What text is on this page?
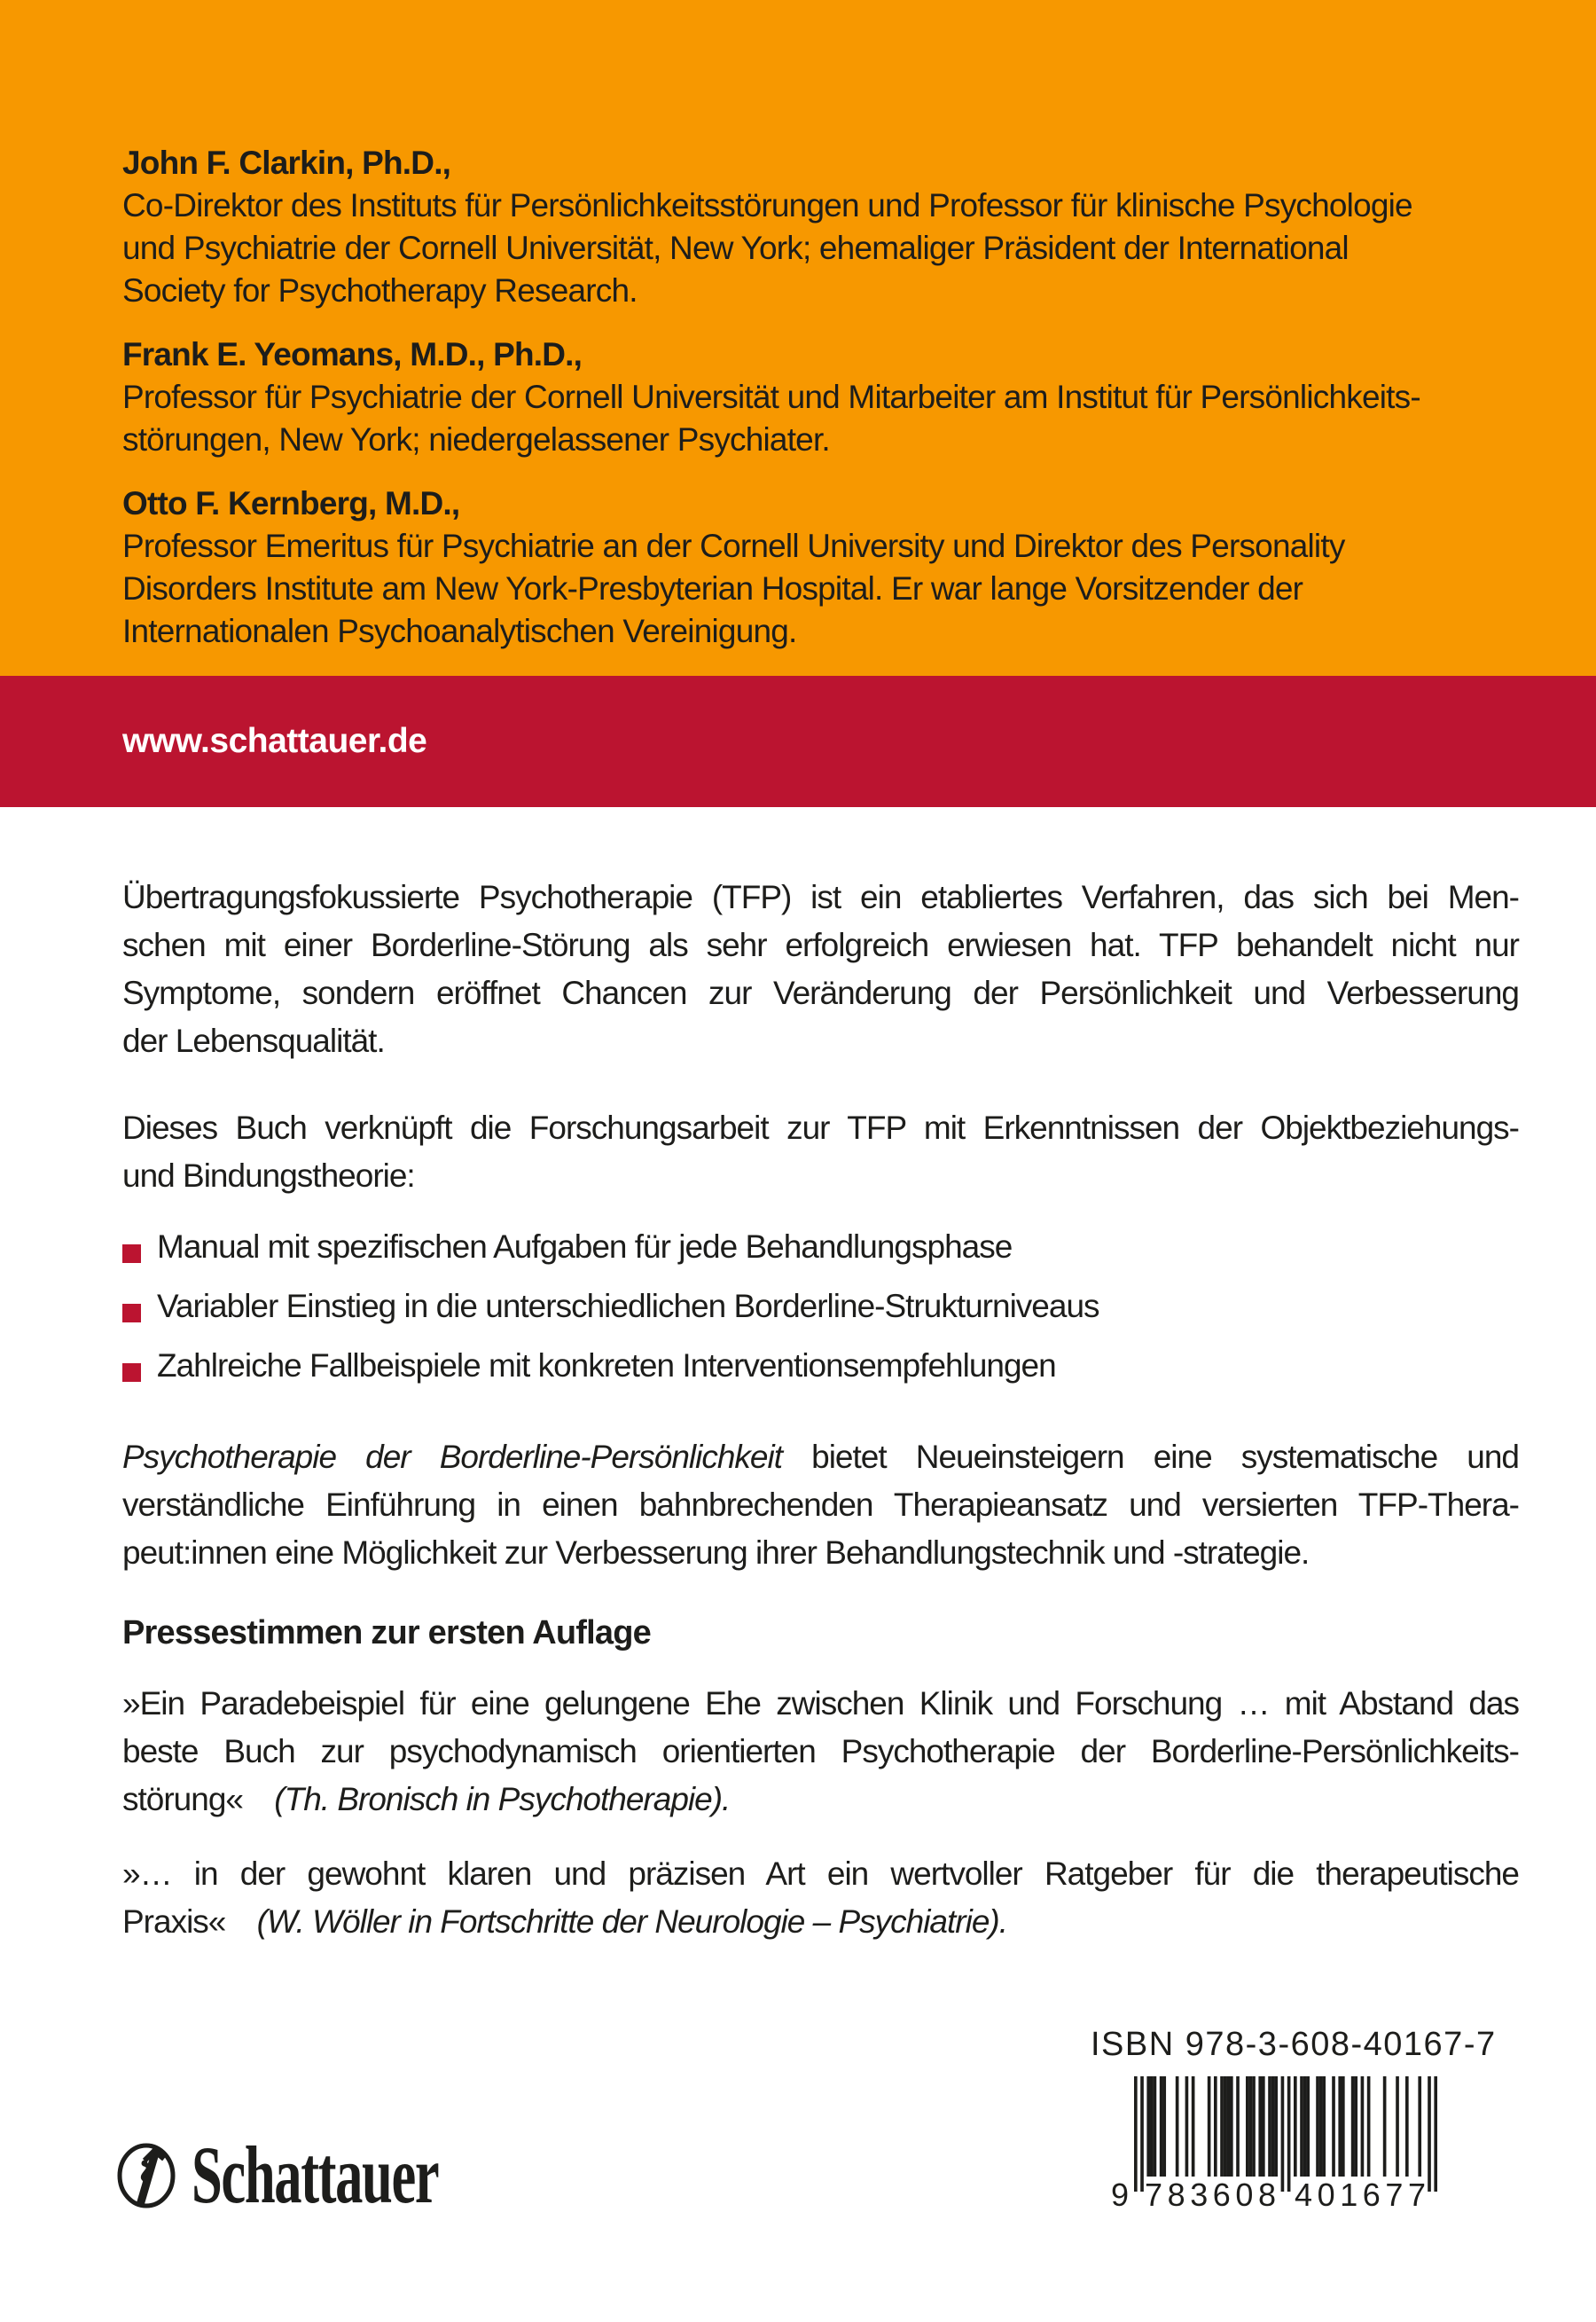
John F. Clarkin, Ph.D.,
Co-Direktor des Instituts für Persönlichkeitsstörungen und Professor für klinische Psychologie
und Psychiatrie der Cornell Universität, New York; ehemaliger Präsident der International
Society for Psychotherapy Research.
Frank E. Yeomans, M.D., Ph.D.,
Professor für Psychiatrie der Cornell Universität und Mitarbeiter am Institut für Persönlichkeits-
störungen, New York; niedergelassener Psychiater.
Otto F. Kernberg, M.D.,
Professor Emeritus für Psychiatrie an der Cornell University und Direktor des Personality
Disorders Institute am New York-Presbyterian Hospital. Er war lange Vorsitzender der
Internationalen Psychoanalytischen Vereinigung.
www.schattauer.de
Übertragungsfokussierte Psychotherapie (TFP) ist ein etabliertes Verfahren, das sich bei Men-
schen mit einer Borderline-Störung als sehr erfolgreich erwiesen hat. TFP behandelt nicht nur
Symptome, sondern eröffnet Chancen zur Veränderung der Persönlichkeit und Verbesserung
der Lebensqualität.
Dieses Buch verknüpft die Forschungsarbeit zur TFP mit Erkenntnissen der Objektbeziehungs-
und Bindungstheorie:
Manual mit spezifischen Aufgaben für jede Behandlungsphase
Variabler Einstieg in die unterschiedlichen Borderline-Strukturniveaus
Zahlreiche Fallbeispiele mit konkreten Interventionsempfehlungen
Psychotherapie der Borderline-Persönlichkeit bietet Neueinsteigern eine systematische und
verständliche Einführung in einen bahnbrechenden Therapieansatz und versierten TFP-Thera-
peut:innen eine Möglichkeit zur Verbesserung ihrer Behandlungstechnik und -strategie.
Pressestimmen zur ersten Auflage
»Ein Paradebeispiel für eine gelungene Ehe zwischen Klinik und Forschung … mit Abstand das
beste Buch zur psychodynamisch orientierten Psychotherapie der Borderline-Persönlichkeits-
störung« (Th. Bronisch in Psychotherapie).
»… in der gewohnt klaren und präzisen Art ein wertvoller Ratgeber für die therapeutische
Praxis« (W. Wöller in Fortschritte der Neurologie – Psychiatrie).
ISBN 978-3-608-40167-7
9 7 8 3 6 0 8 4 0 1 6 7 7
Schattauer
